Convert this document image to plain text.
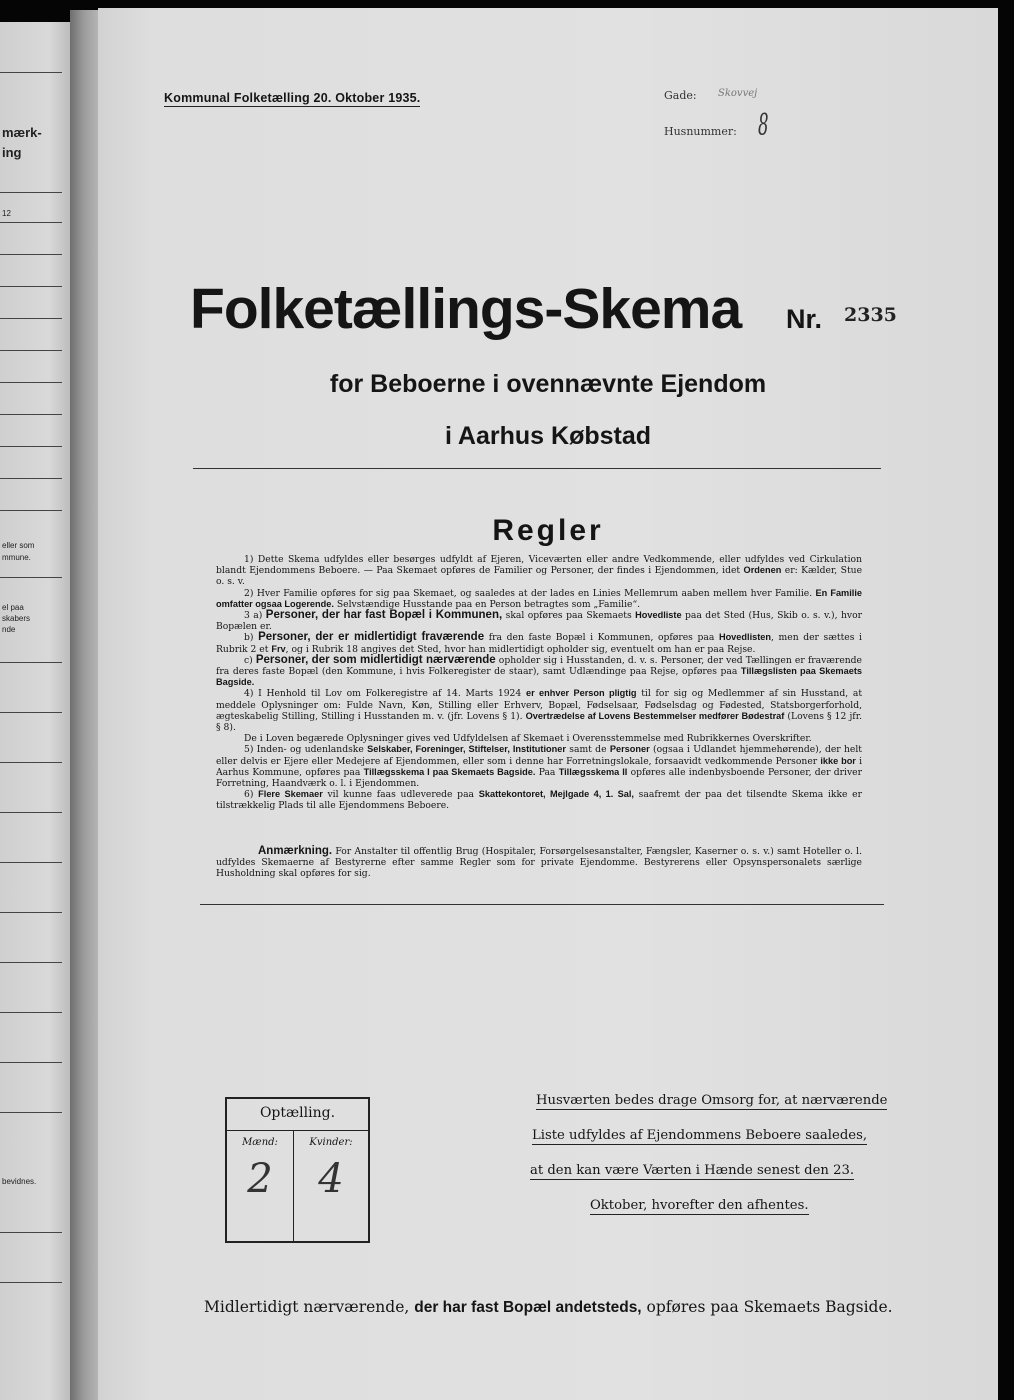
mærk-
ing
12
eller som
mmune.
el paa
skabers
nde
bevidnes.
Kommunal Folketælling 20. Oktober 1935.	Gade: Skovvej
Husnummer: 8
Folketællings-Skema Nr. 2335
for Beboerne i ovennævnte Ejendom
i Aarhus Købstad
Regler

1) Dette Skema udfyldes eller besørges udfyldt af Ejeren, Viceværten eller andre Vedkommende, eller udfyldes ved Cirkulation blandt Ejendommens Beboere. — Paa Skemaet opføres de Familier og Personer, der findes i Ejendommen, idet Ordenen er: Kælder, Stue o. s. v.

2) Hver Familie opføres for sig paa Skemaet, og saaledes at der lades en Linies Mellemrum aaben mellem hver Familie. En Familie omfatter ogsaa Logerende. Selvstændige Husstande paa en Person betragtes som „Familie“.

3 a) Personer, der har fast Bopæl i Kommunen, skal opføres paa Skemaets Hovedliste paa det Sted (Hus, Skib o. s. v.), hvor Bopælen er.

b) Personer, der er midlertidigt fraværende fra den faste Bopæl i Kommunen, opføres paa Hovedlisten, men der sættes i Rubrik 2 et Frv, og i Rubrik 18 angives det Sted, hvor han midlertidigt opholder sig, eventuelt om han er paa Rejse.

c) Personer, der som midlertidigt nærværende opholder sig i Husstanden, d. v. s. Personer, der ved Tællingen er fraværende fra deres faste Bopæl (den Kommune, i hvis Folkeregister de staar), samt Udlændinge paa Rejse, opføres paa Tillægslisten paa Skemaets Bagside.

4) I Henhold til Lov om Folkeregistre af 14. Marts 1924 er enhver Person pligtig til for sig og Medlemmer af sin Husstand, at meddele Oplysninger om: Fulde Navn, Køn, Stilling eller Erhverv, Bopæl, Fødselsaar, Fødselsdag og Fødested, Statsborgerforhold, ægteskabelig Stilling, Stilling i Husstanden m. v. (jfr. Lovens § 1). Overtrædelse af Lovens Bestemmelser medfører Bødestraf (Lovens § 12 jfr. § 8).

De i Loven begærede Oplysninger gives ved Udfyldelsen af Skemaet i Overensstemmelse med Rubrikkernes Overskrifter.

5) Inden- og udenlandske Selskaber, Foreninger, Stiftelser, Institutioner samt de Personer (ogsaa i Udlandet hjemmehørende), der helt eller delvis er Ejere eller Medejere af Ejendommen, eller som i denne har Forretningslokale, forsaavidt vedkommende Personer ikke bor i Aarhus Kommune, opføres paa Tillægsskema I paa Skemaets Bagside. Paa Tillægsskema II opføres alle indenbysboende Personer, der driver Forretning, Haandværk o. l. i Ejendommen.

6) Flere Skemaer vil kunne faas udleverede paa Skattekontoret, Mejlgade 4, 1. Sal, saafremt der paa det tilsendte Skema ikke er tilstrækkelig Plads til alle Ejendommens Beboere.

Anmærkning. For Anstalter til offentlig Brug (Hospitaler, Forsørgelsesanstalter, Fængsler, Kaserner o. s. v.) samt Hoteller o. l. udfyldes Skemaerne af Bestyrerne efter samme Regler som for private Ejendomme. Bestyrerens eller Opsynspersonalets særlige Husholdning skal opføres for sig.

Optælling.
Mænd:	Kvinder:
2	4
Husværten bedes drage Omsorg for, at nærværende
Liste udfyldes af Ejendommens Beboere saaledes,
at den kan være Værten i Hænde senest den 23.
Oktober, hvorefter den afhentes.
Midlertidigt nærværende, der har fast Bopæl andetsteds, opføres paa Skemaets Bagside.
